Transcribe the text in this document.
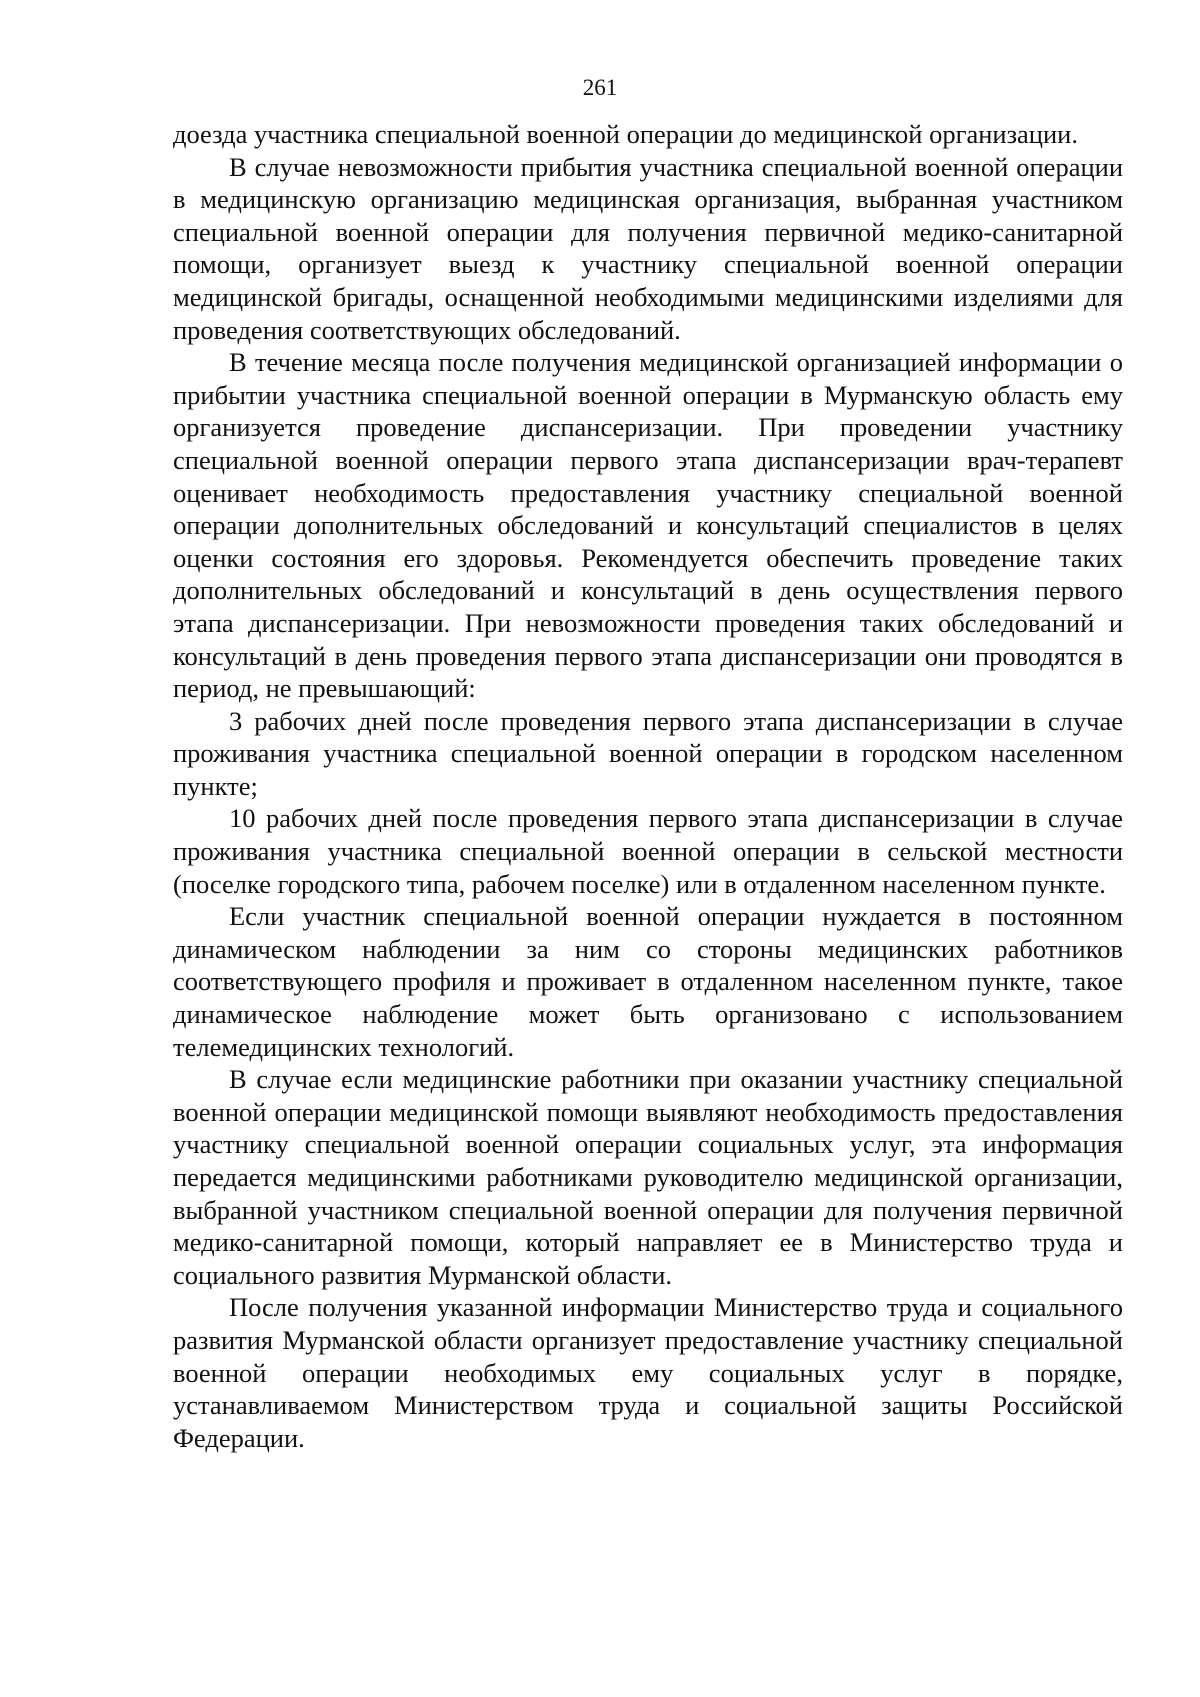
261

доезда участника специальной военной операции до медицинской организации.

В случае невозможности прибытия участника специальной военной операции в медицинскую организацию медицинская организация, выбранная участником специальной военной операции для получения первичной медико-санитарной помощи, организует выезд к участнику специальной военной операции медицинской бригады, оснащенной необходимыми медицинскими изделиями для проведения соответствующих обследований.

В течение месяца после получения медицинской организацией информации о прибытии участника специальной военной операции в Мурманскую область ему организуется проведение диспансеризации. При проведении участнику специальной военной операции первого этапа диспансеризации врач-терапевт оценивает необходимость предоставления участнику специальной военной операции дополнительных обследований и консультаций специалистов в целях оценки состояния его здоровья. Рекомендуется обеспечить проведение таких дополнительных обследований и консультаций в день осуществления первого этапа диспансеризации. При невозможности проведения таких обследований и консультаций в день проведения первого этапа диспансеризации они проводятся в период, не превышающий:

3 рабочих дней после проведения первого этапа диспансеризации в случае проживания участника специальной военной операции в городском населенном пункте;

10 рабочих дней после проведения первого этапа диспансеризации в случае проживания участника специальной военной операции в сельской местности (поселке городского типа, рабочем поселке) или в отдаленном населенном пункте.

Если участник специальной военной операции нуждается в постоянном динамическом наблюдении за ним со стороны медицинских работников соответствующего профиля и проживает в отдаленном населенном пункте, такое динамическое наблюдение может быть организовано с использованием телемедицинских технологий.

В случае если медицинские работники при оказании участнику специальной военной операции медицинской помощи выявляют необходимость предоставления участнику специальной военной операции социальных услуг, эта информация передается медицинскими работниками руководителю медицинской организации, выбранной участником специальной военной операции для получения первичной медико-санитарной помощи, который направляет ее в Министерство труда и социального развития Мурманской области.

После получения указанной информации Министерство труда и социального развития Мурманской области организует предоставление участнику специальной военной операции необходимых ему социальных услуг в порядке, устанавливаемом Министерством труда и социальной защиты Российской Федерации.
